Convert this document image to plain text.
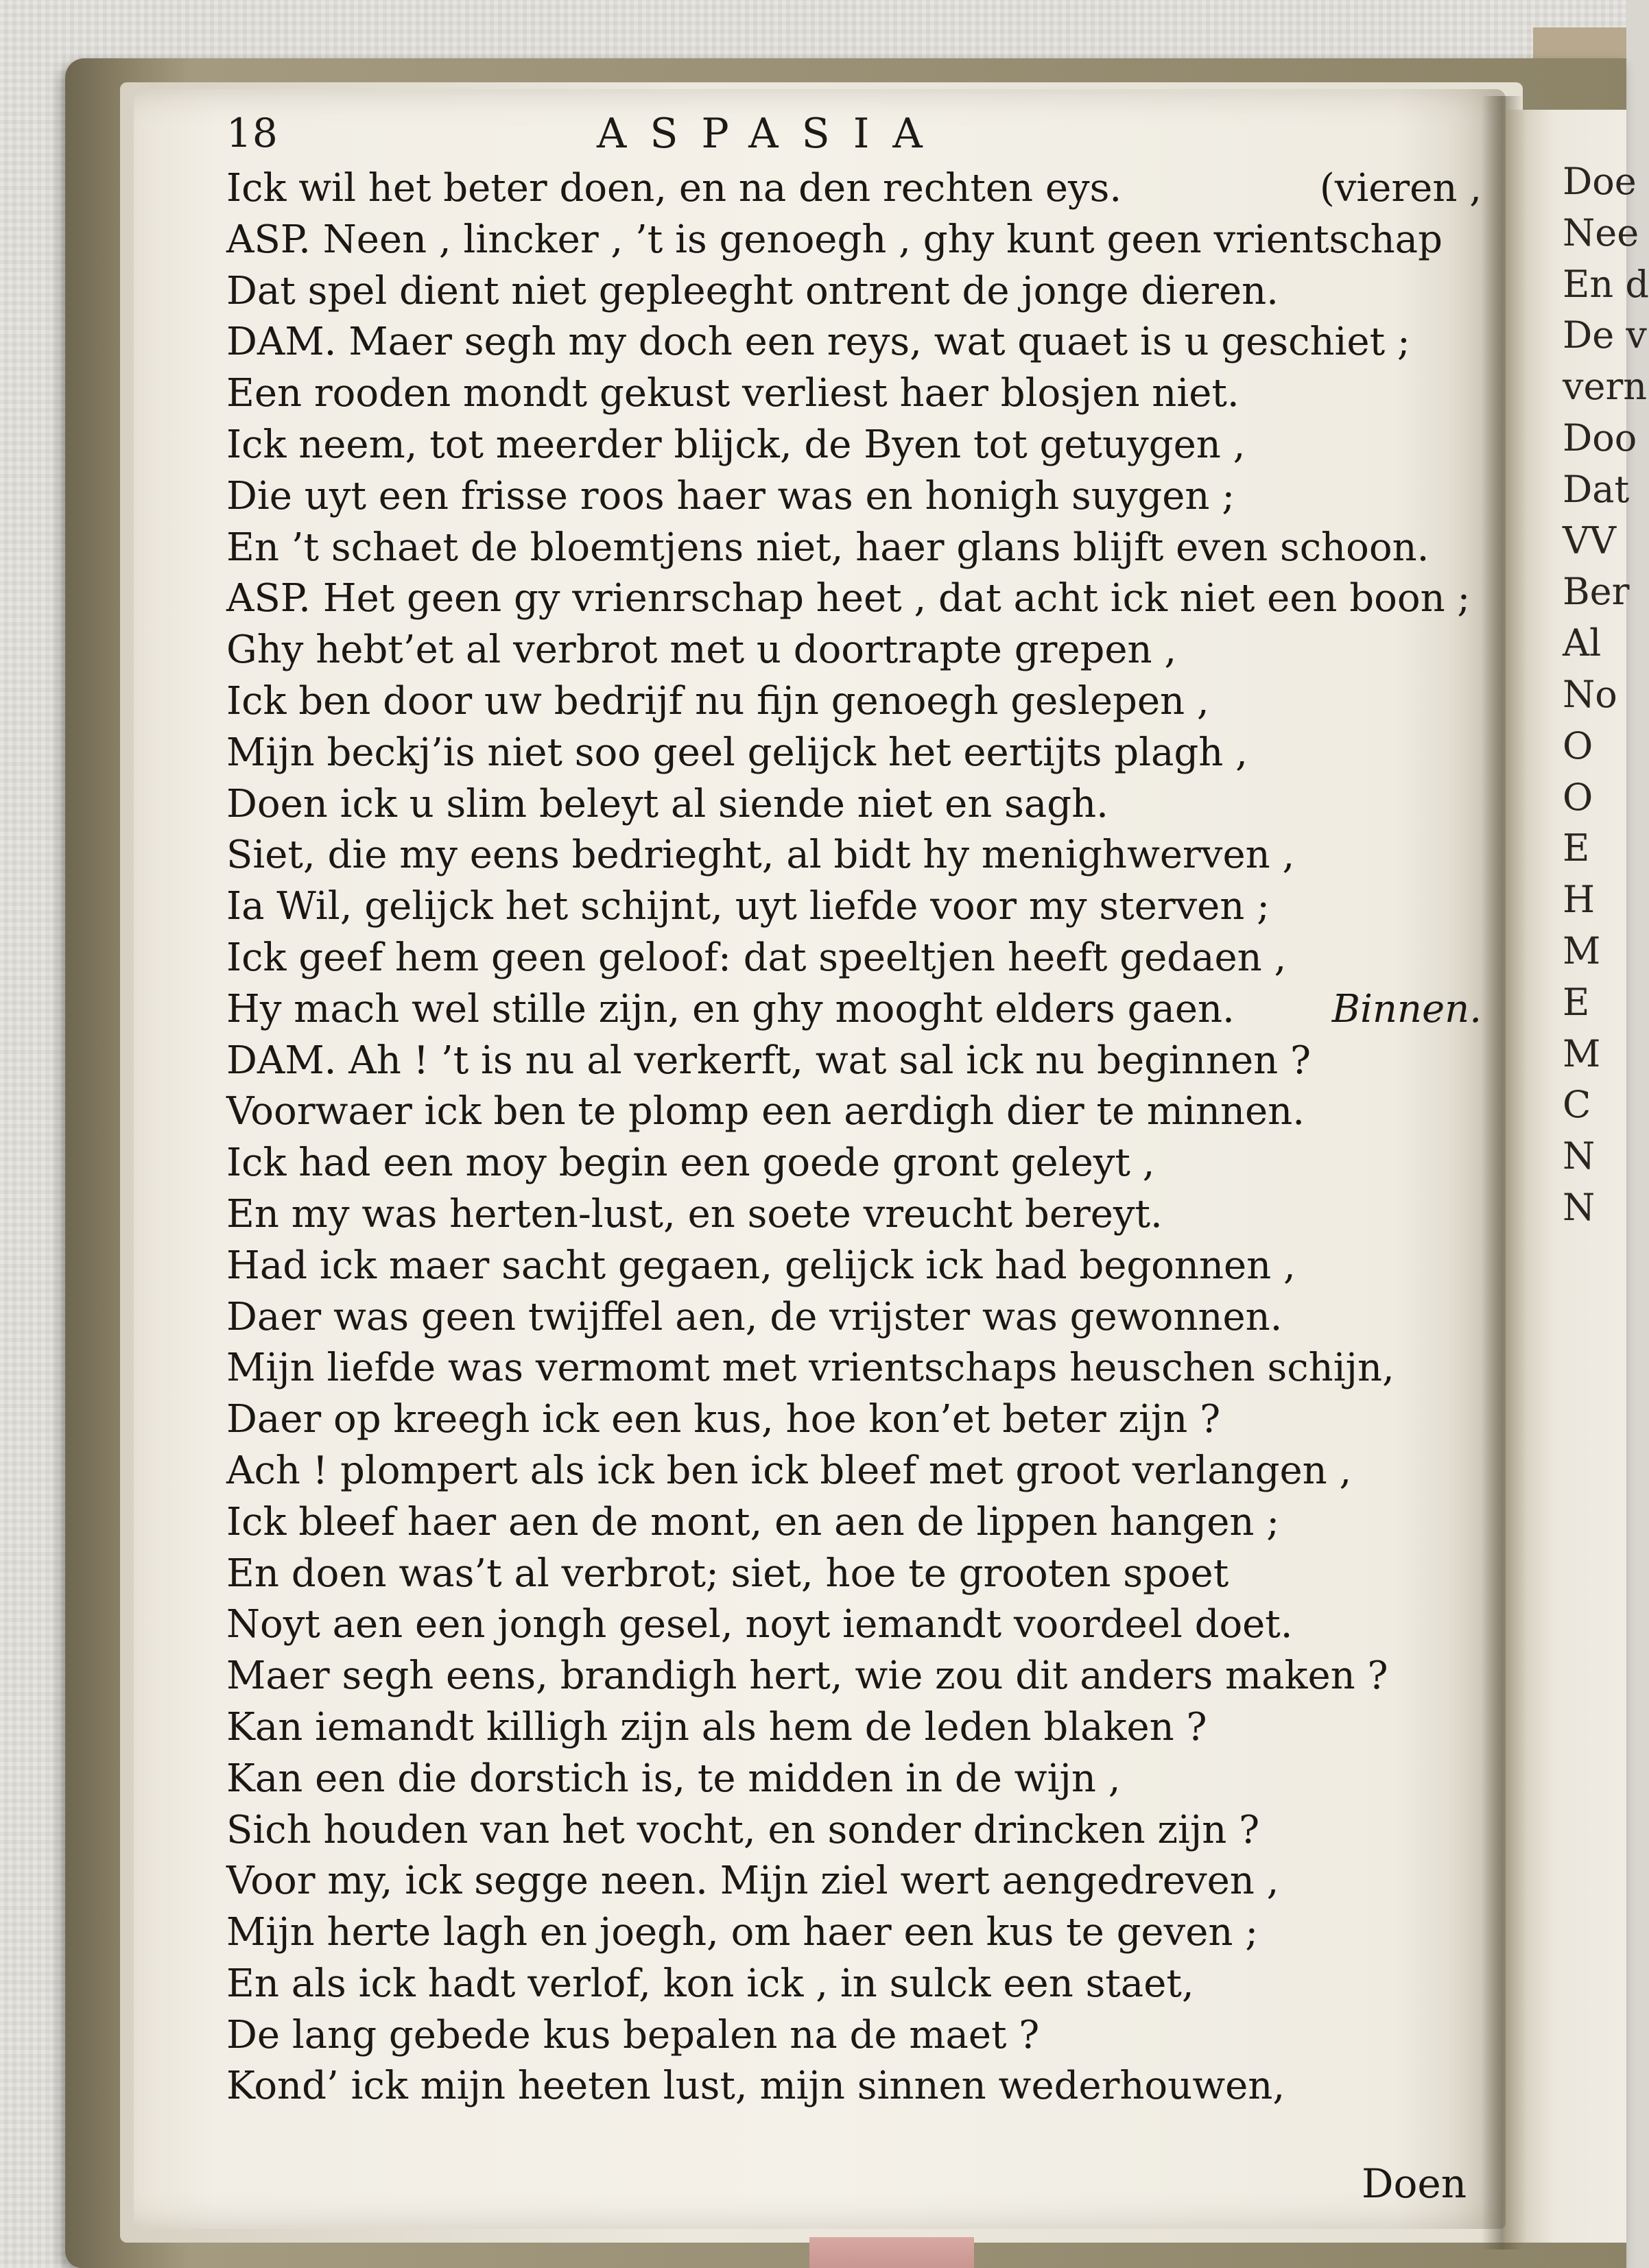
Doe
Nee
En d
De v
vern
Doo
Dat
VV
Ber
Al
No
O
O
E
H
M
E
M
C
N
N
18	ASPASIA
Ick wil het beter doen, en na den rechten eys.	(vieren ,
ASP. Neen , lincker , ’t is genoegh , ghy kunt geen vrientschap
Dat spel dient niet gepleeght ontrent de jonge dieren.
DAM. Maer segh my doch een reys, wat quaet is u geschiet ;
Een rooden mondt gekust verliest haer blosjen niet.
Ick neem, tot meerder blijck, de Byen tot getuygen ,
Die uyt een frisse roos haer was en honigh suygen ;
En ’t schaet de bloemtjens niet, haer glans blijft even schoon.
ASP. Het geen gy vrienrschap heet , dat acht ick niet een boon ;
Ghy hebt’et al verbrot met u doortrapte grepen ,
Ick ben door uw bedrijf nu fijn genoegh geslepen ,
Mijn beckj’is niet soo geel gelijck het eertijts plagh ,
Doen ick u slim beleyt al siende niet en sagh.
Siet, die my eens bedrieght, al bidt hy menighwerven ,
Ia Wil, gelijck het schijnt, uyt liefde voor my sterven ;
Ick geef hem geen geloof: dat speeltjen heeft gedaen ,
Hy mach wel stille zijn, en ghy mooght elders gaen.	Binnen.
DAM. Ah ! ’t is nu al verkerft, wat sal ick nu beginnen ?
Voorwaer ick ben te plomp een aerdigh dier te minnen.
Ick had een moy begin een goede gront geleyt ,
En my was herten-lust, en soete vreucht bereyt.
Had ick maer sacht gegaen, gelijck ick had begonnen ,
Daer was geen twijffel aen, de vrijster was gewonnen.
Mijn liefde was vermomt met vrientschaps heuschen schijn,
Daer op kreegh ick een kus, hoe kon’et beter zijn ?
Ach ! plompert als ick ben ick bleef met groot verlangen ,
Ick bleef haer aen de mont, en aen de lippen hangen ;
En doen was’t al verbrot; siet, hoe te grooten spoet
Noyt aen een jongh gesel, noyt iemandt voordeel doet.
Maer segh eens, brandigh hert, wie zou dit anders maken ?
Kan iemandt killigh zijn als hem de leden blaken ?
Kan een die dorstich is, te midden in de wijn ,
Sich houden van het vocht, en sonder drincken zijn ?
Voor my, ick segge neen. Mijn ziel wert aengedreven ,
Mijn herte lagh en joegh, om haer een kus te geven ;
En als ick hadt verlof, kon ick , in sulck een staet,
De lang gebede kus bepalen na de maet ?
Kond’ ick mijn heeten lust, mijn sinnen wederhouwen,
Doen
